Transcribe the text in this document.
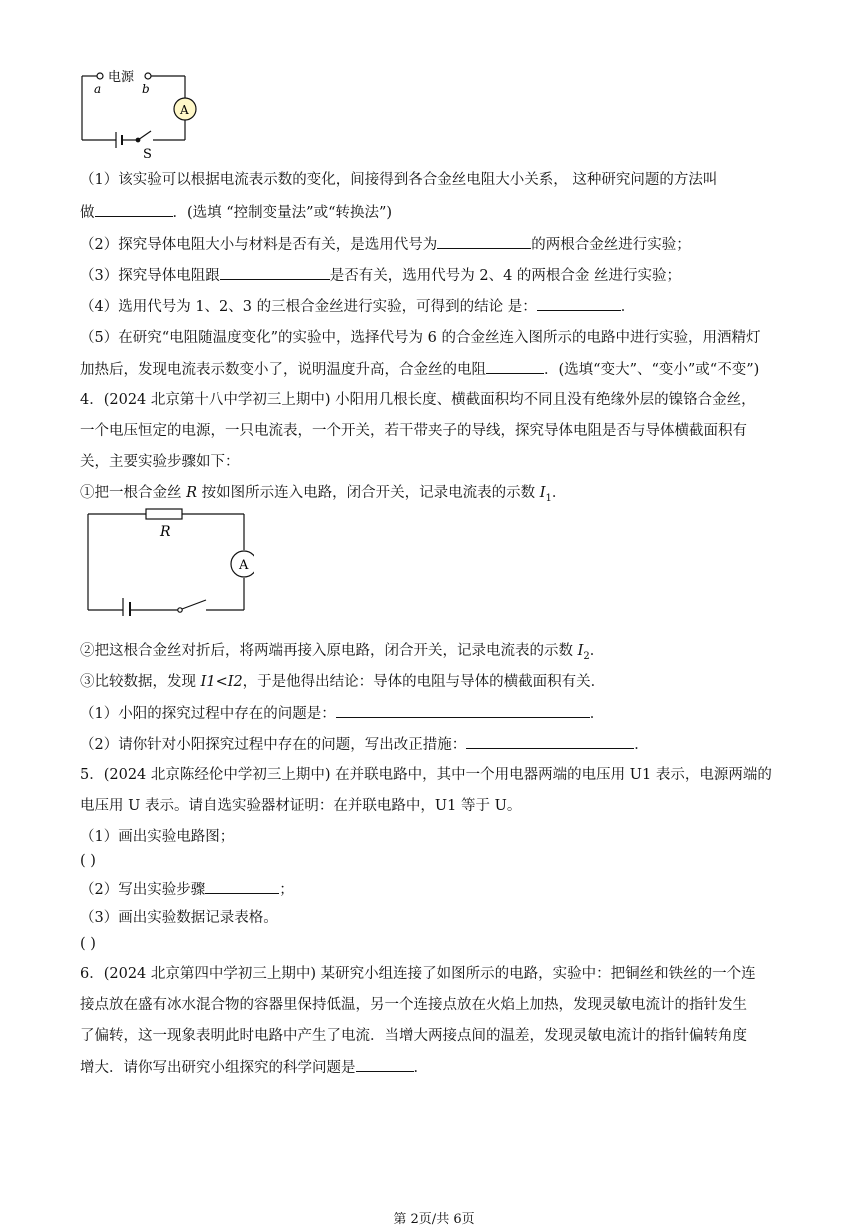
电源
a	b
A
S
（1）该实验可以根据电流表示数的变化，间接得到各合金丝电阻大小关系， 这种研究问题的方法叫
做	．(选填 “控制变量法”或“转换法”)
（2）探究导体电阻大小与材料是否有关，是选用代号为	的两根合金丝进行实验；
（3）探究导体电阻跟	是否有关，选用代号为 2、4 的两根合金 丝进行实验；
（4）选用代号为 1、2、3 的三根合金丝进行实验，可得到的结论 是：	．
（5）在研究“电阻随温度变化”的实验中，选择代号为 6 的合金丝连入图所示的电路中进行实验，用酒精灯
加热后，发现电流表示数变小了，说明温度升高，合金丝的电阻	．(选填“变大”、“变小”或“不变”)
4．(2024 北京第十八中学初三上期中) 小阳用几根长度、横截面积均不同且没有绝缘外层的镍铬合金丝，
一个电压恒定的电源，一只电流表，一个开关，若干带夹子的导线，探究导体电阻是否与导体横截面积有
关，主要实验步骤如下：
①把一根合金丝 R 按如图所示连入电路，闭合开关，记录电流表的示数 $I_1$．
R
A
②把这根合金丝对折后，将两端再接入原电路，闭合开关，记录电流表的示数 $I_2$．
③比较数据，发现 I1<I2，于是他得出结论：导体的电阻与导体的横截面积有关．
（1）小阳的探究过程中存在的问题是：	．
（2）请你针对小阳探究过程中存在的问题，写出改正措施：	．
5．(2024 北京陈经伦中学初三上期中) 在并联电路中，其中一个用电器两端的电压用 U1 表示，电源两端的
电压用 U 表示。请自选实验器材证明：在并联电路中，U1 等于 U。
（1）画出实验电路图；
( )
（2）写出实验步骤	；
（3）画出实验数据记录表格。
( )
6．(2024 北京第四中学初三上期中) 某研究小组连接了如图所示的电路，实验中：把铜丝和铁丝的一个连
接点放在盛有冰水混合物的容器里保持低温，另一个连接点放在火焰上加热，发现灵敏电流计的指针发生
了偏转，这一现象表明此时电路中产生了电流．当增大两接点间的温差，发现灵敏电流计的指针偏转角度
增大．请你写出研究小组探究的科学问题是	．
第 2页/共 6页
